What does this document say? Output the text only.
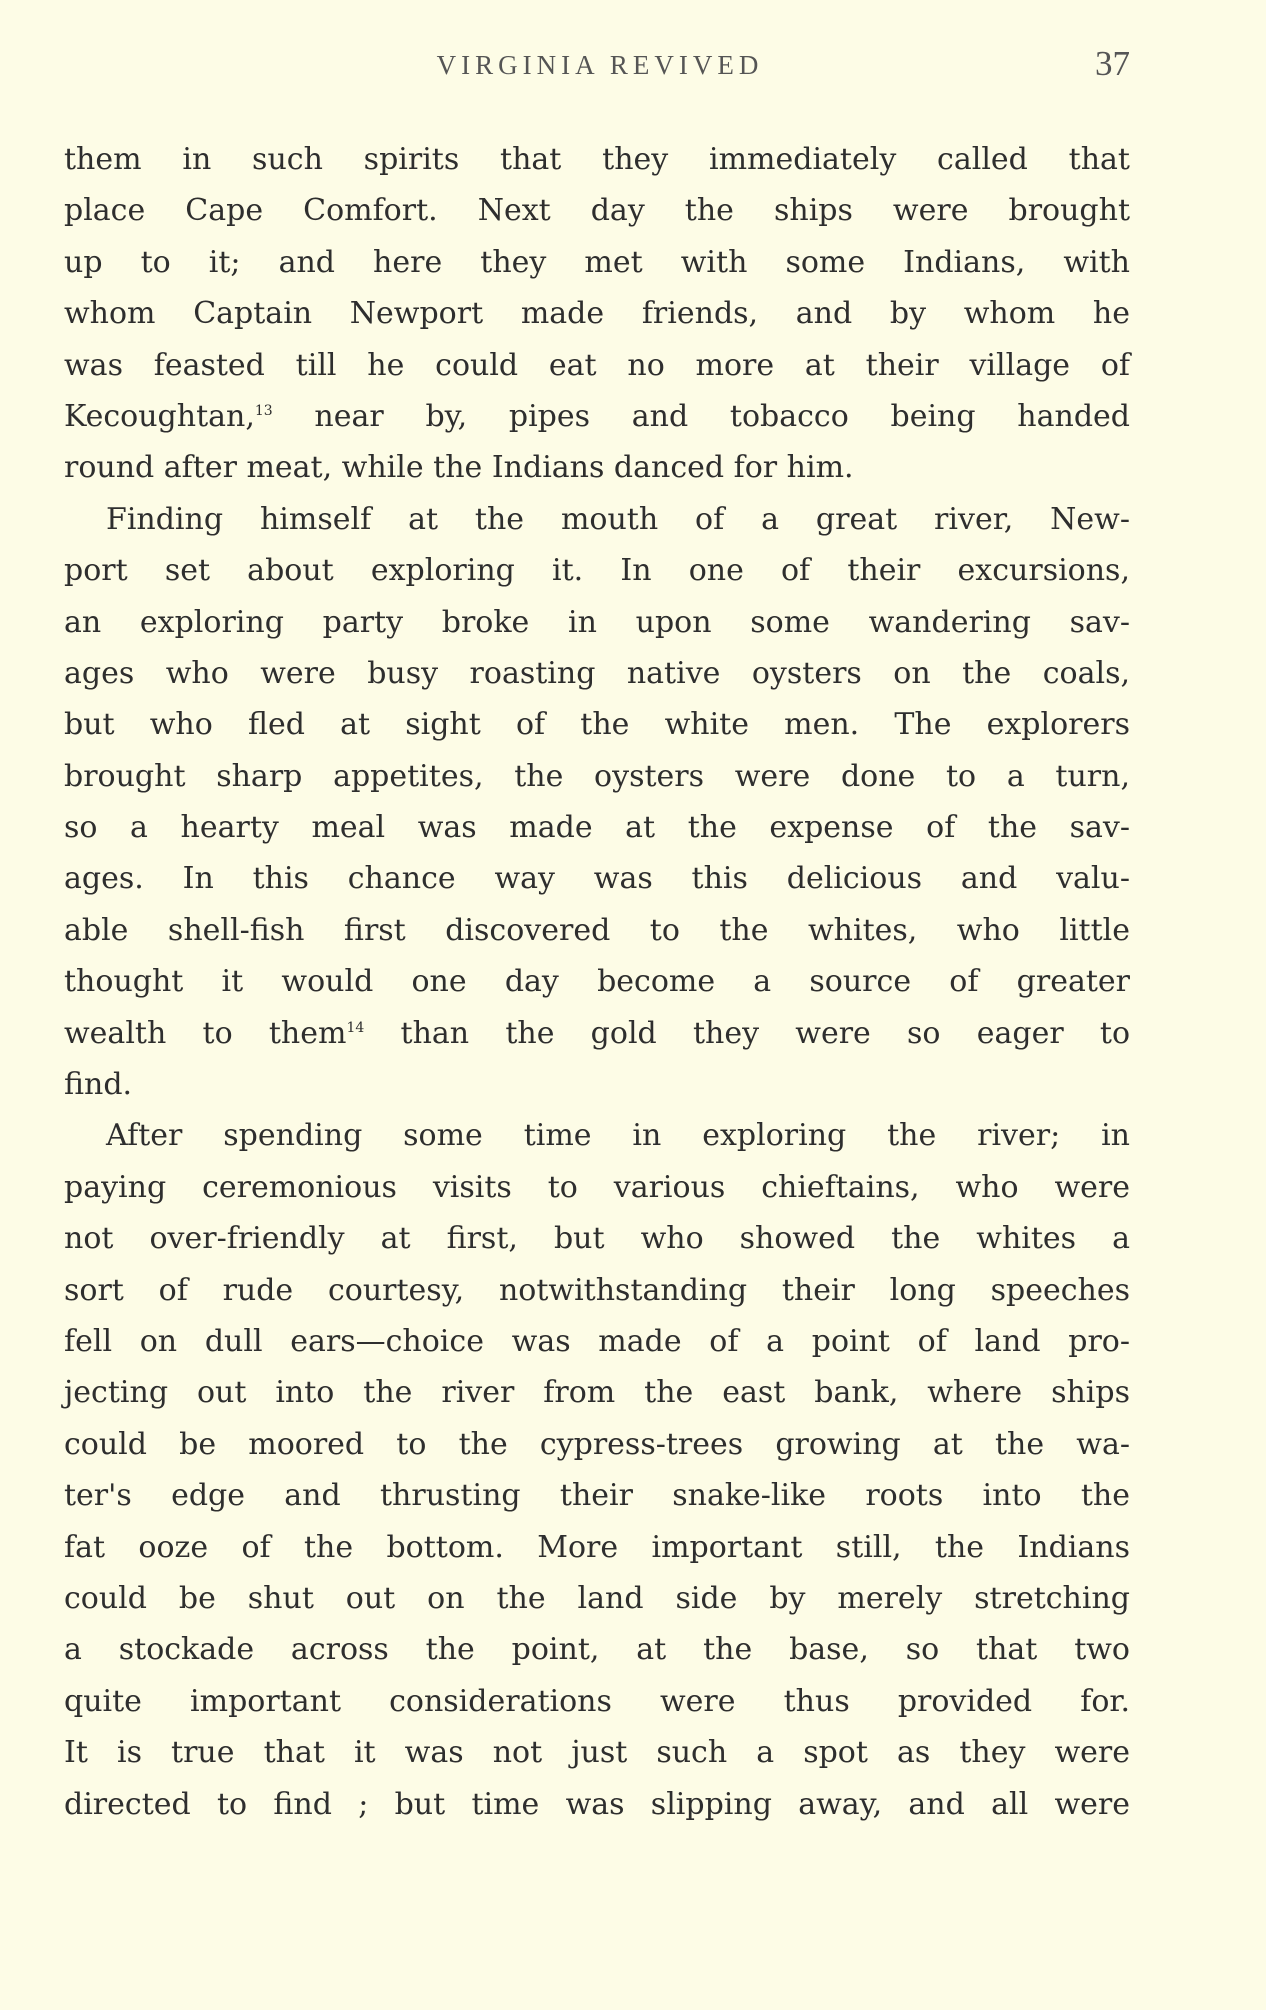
VIRGINIA REVIVED	37
them in such spirits that they immediately called that
place Cape Comfort. Next day the ships were brought
up to it; and here they met with some Indians, with
whom Captain Newport made friends, and by whom he
was feasted till he could eat no more at their village of
Kecoughtan,$^{13}$ near by, pipes and tobacco being handed
round after meat, while the Indians danced for him.
Finding himself at the mouth of a great river, New-
port set about exploring it. In one of their excursions,
an exploring party broke in upon some wandering sav-
ages who were busy roasting native oysters on the coals,
but who fled at sight of the white men. The explorers
brought sharp appetites, the oysters were done to a turn,
so a hearty meal was made at the expense of the sav-
ages. In this chance way was this delicious and valu-
able shell-fish first discovered to the whites, who little
thought it would one day become a source of greater
wealth to them$^{14}$ than the gold they were so eager to
find.
After spending some time in exploring the river; in
paying ceremonious visits to various chieftains, who were
not over-friendly at first, but who showed the whites a
sort of rude courtesy, notwithstanding their long speeches
fell on dull ears—choice was made of a point of land pro-
jecting out into the river from the east bank, where ships
could be moored to the cypress-trees growing at the wa-
ter's edge and thrusting their snake-like roots into the
fat ooze of the bottom. More important still, the Indians
could be shut out on the land side by merely stretching
a stockade across the point, at the base, so that two
quite important considerations were thus provided for.
It is true that it was not just such a spot as they were
directed to find ; but time was slipping away, and all were
